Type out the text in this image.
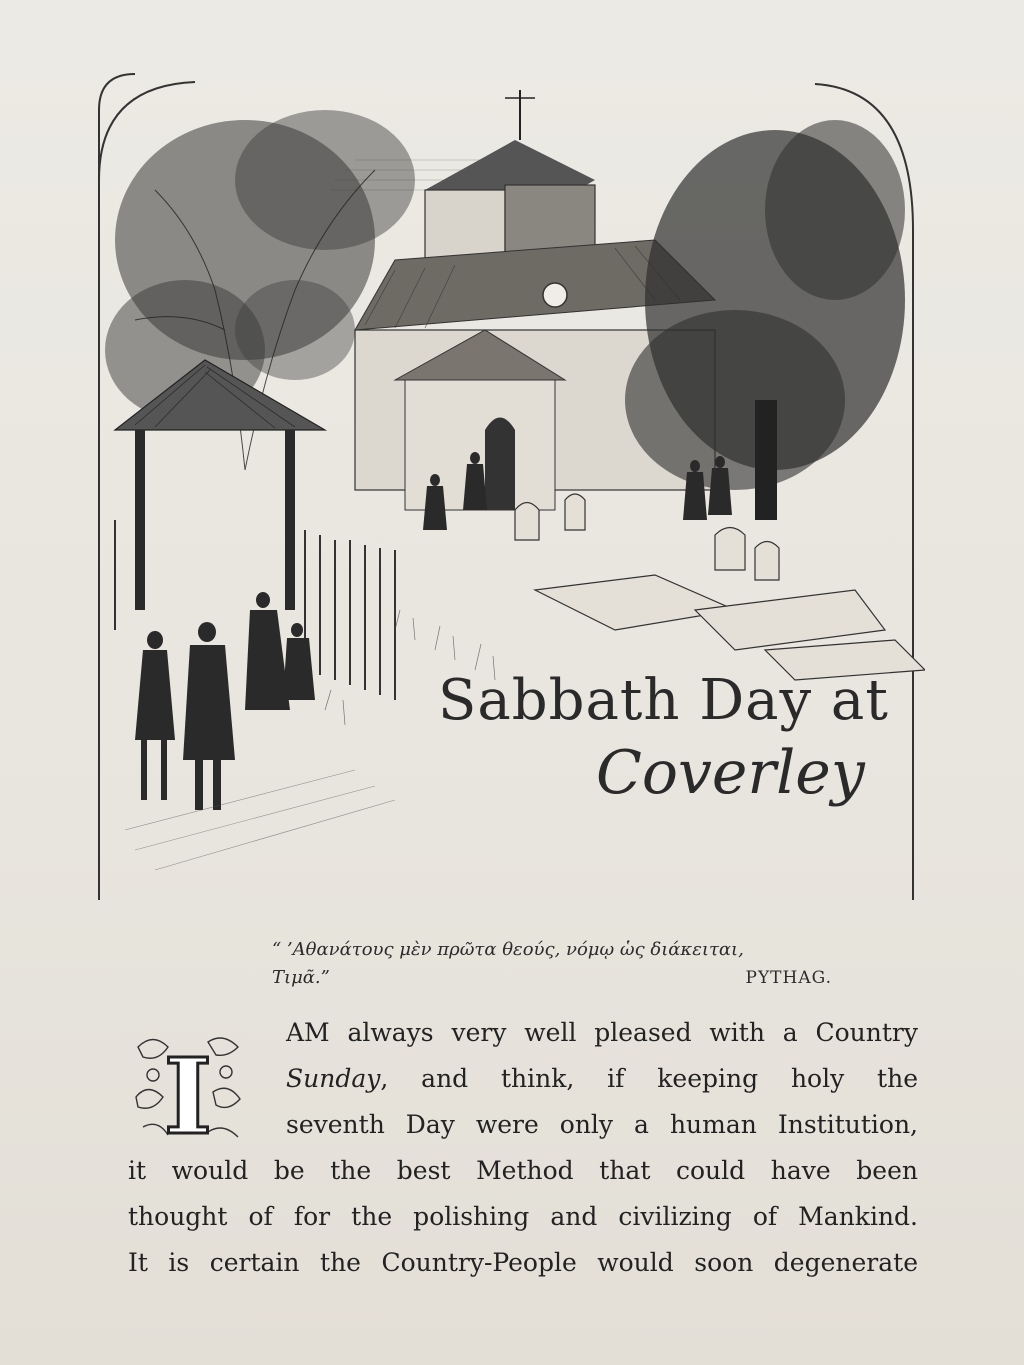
Sabbath Day at
Coverley
“ ’Αθανάτους μὲν πρῶτα θεούς, νόμῳ ὡς διάκειται,
Τιμᾶ.”	PYTHAG.
I
AM always very well pleased with a Country
Sunday, and think, if keeping holy the
seventh Day were only a human Institution,
it would be the best Method that could have been
thought of for the polishing and civilizing of Mankind.
It is certain the Country-People would soon degenerate
